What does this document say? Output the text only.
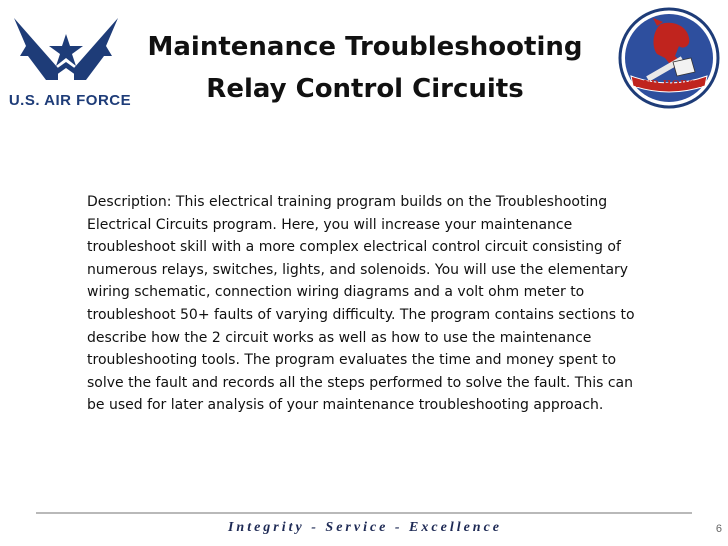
U.S. AIR FORCE
Maintenance Troubleshooting
Relay Control Circuits	RED HORSE
Description: This electrical training program builds on the Troubleshooting
Electrical Circuits program. Here, you will increase your maintenance
troubleshoot skill with a more complex electrical control circuit consisting of
numerous relays, switches, lights, and solenoids. You will use the elementary
wiring schematic, connection wiring diagrams and a volt ohm meter to
troubleshoot 50+ faults of varying difficulty. The program contains sections to
describe how the 2 circuit works as well as how to use the maintenance
troubleshooting tools. The program evaluates the time and money spent to
solve the fault and records all the steps performed to solve the fault. This can
be used for later analysis of your maintenance troubleshooting approach.
Integrity - Service - Excellence	6
